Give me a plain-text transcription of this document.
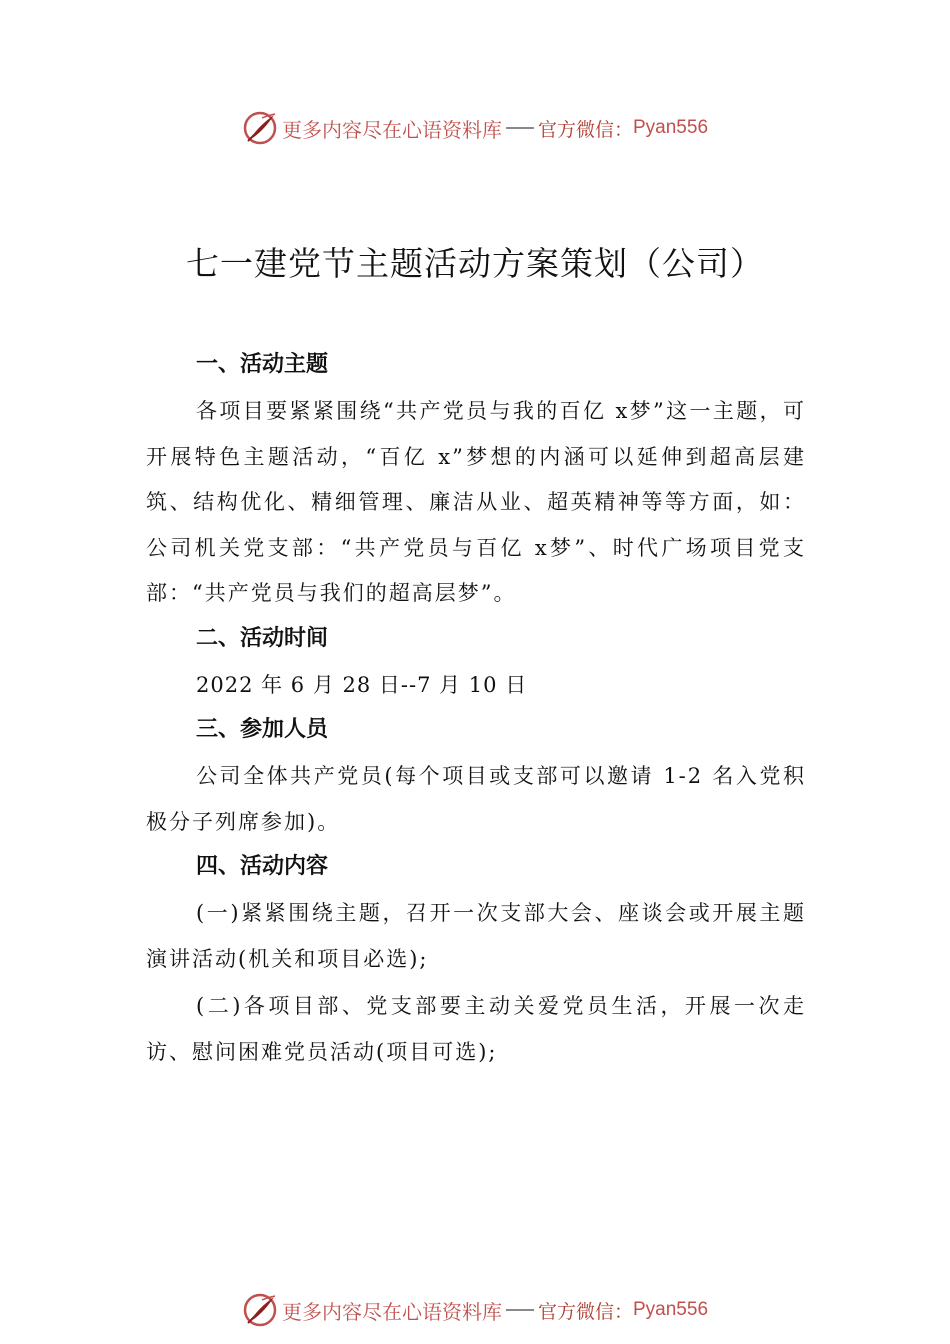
更多内容尽在心语资料库 官方微信： Pyan556
七一建党节主题活动方案策划（公司）
一、活动主题

各项目要紧紧围绕“共产党员与我的百亿 x梦”这一主题，可开展特色主题活动，“百亿 x”梦想的内涵可以延伸到超高层建筑、结构优化、精细管理、廉洁从业、超英精神等等方面，如：公司机关党支部：“共产党员与百亿 x梦”、时代广场项目党支部：“共产党员与我们的超高层梦”。

二、活动时间

2022 年 6 月 28 日--7 月 10 日

三、参加人员

公司全体共产党员(每个项目或支部可以邀请 1-2 名入党积极分子列席参加)。

四、活动内容

(一)紧紧围绕主题，召开一次支部大会、座谈会或开展主题演讲活动(机关和项目必选);

(二)各项目部、党支部要主动关爱党员生活，开展一次走访、慰问困难党员活动(项目可选);

更多内容尽在心语资料库 官方微信： Pyan556
